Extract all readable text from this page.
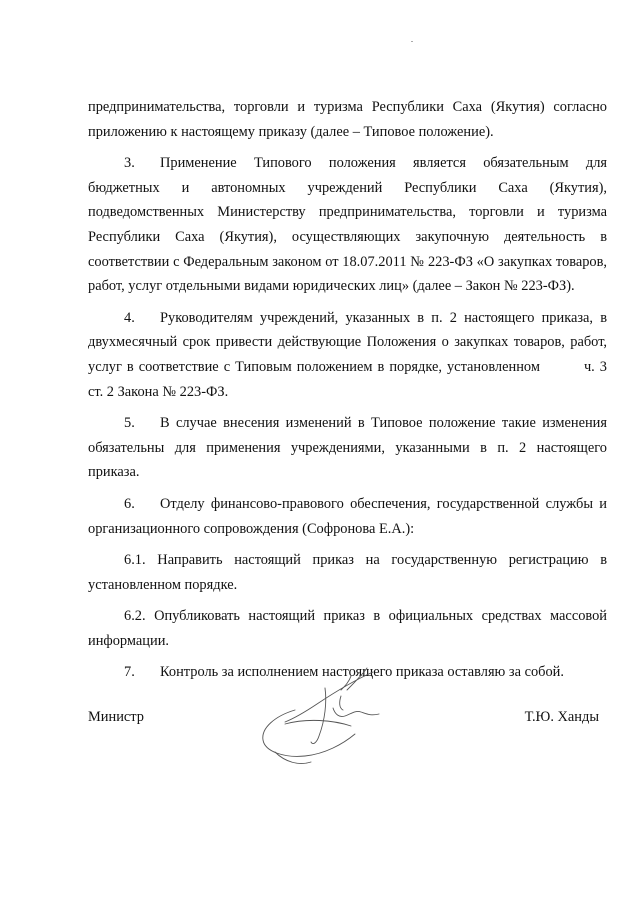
предпринимательства, торговли и туризма Республики Саха (Якутия) согласно приложению к настоящему приказу (далее – Типовое положение).

3. Применение Типового положения является обязательным для бюджетных и автономных учреждений Республики Саха (Якутия), подведомственных Министерству предпринимательства, торговли и туризма Республики Саха (Якутия), осуществляющих закупочную деятельность в соответствии с Федеральным законом от 18.07.2011 № 223-ФЗ «О закупках товаров, работ, услуг отдельными видами юридических лиц» (далее – Закон № 223-ФЗ).

4. Руководителям учреждений, указанных в п. 2 настоящего приказа, в двухмесячный срок привести действующие Положения о закупках товаров, работ, услуг в соответствие с Типовым положением в порядке, установленном	ч. 3 ст. 2 Закона № 223-ФЗ.

5. В случае внесения изменений в Типовое положение такие изменения обязательны для применения учреждениями, указанными в п. 2 настоящего приказа.

6. Отделу финансово-правового обеспечения, государственной службы и организационного сопровождения (Софронова Е.А.):

6.1. Направить настоящий приказ на государственную регистрацию в установленном порядке.

6.2. Опубликовать настоящий приказ в официальных средствах массовой информации.

7. Контроль за исполнением настоящего приказа оставляю за собой.

Министр	Т.Ю. Ханды
